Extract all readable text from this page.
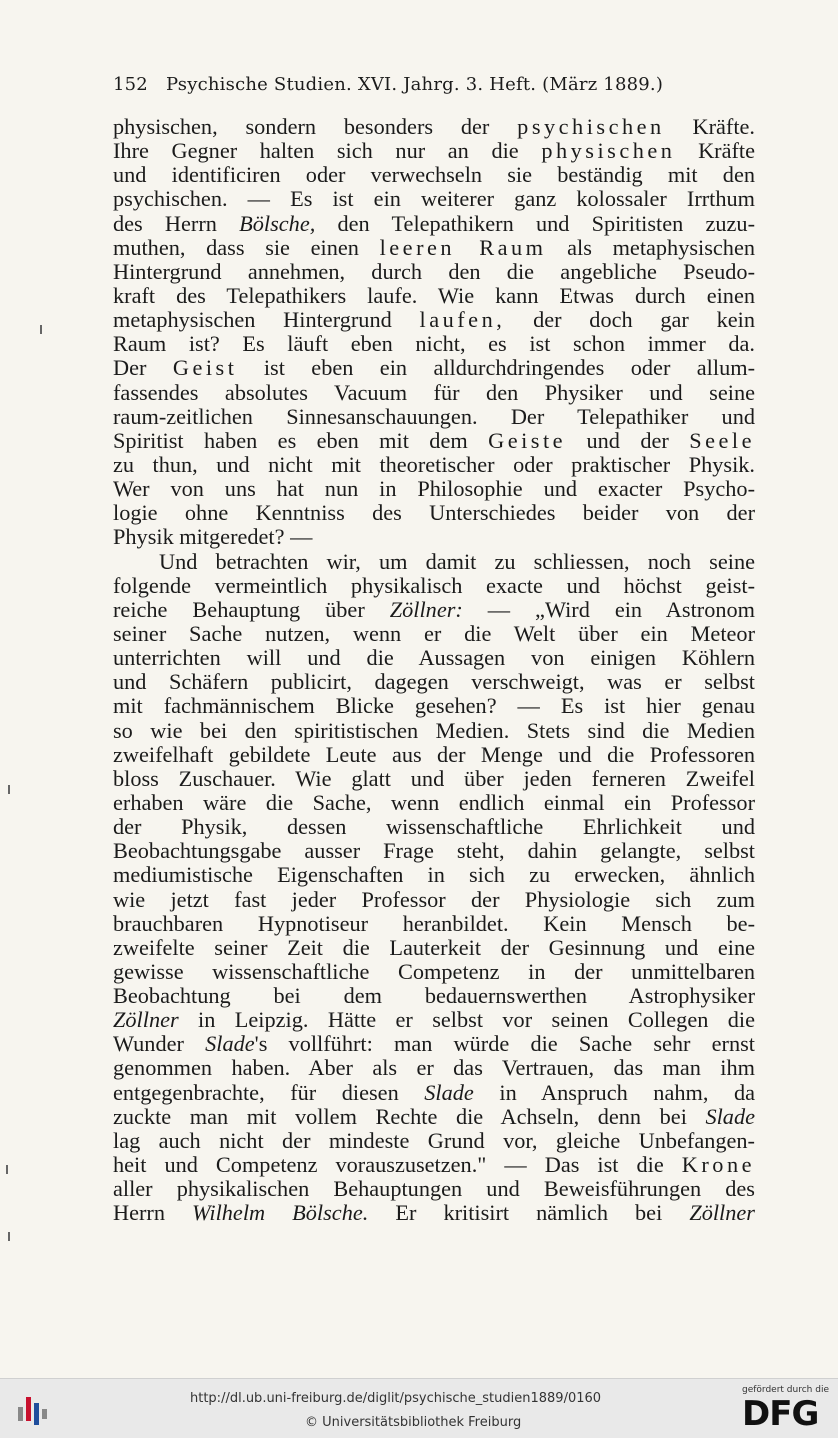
152 Psychische Studien. XVI. Jahrg. 3. Heft. (März 1889.)
physischen, sondern besonders der psychischen Kräfte.
Ihre Gegner halten sich nur an die physischen Kräfte
und identificiren oder verwechseln sie beständig mit den
psychischen. — Es ist ein weiterer ganz kolossaler Irrthum
des Herrn Bölsche, den Telepathikern und Spiritisten zuzu-
muthen, dass sie einen leeren Raum als metaphysischen
Hintergrund annehmen, durch den die angebliche Pseudo-
kraft des Telepathikers laufe. Wie kann Etwas durch einen
metaphysischen Hintergrund laufen, der doch gar kein
Raum ist? Es läuft eben nicht, es ist schon immer da.
Der Geist ist eben ein alldurchdringendes oder allum-
fassendes absolutes Vacuum für den Physiker und seine
raum-zeitlichen Sinnesanschauungen. Der Telepathiker und
Spiritist haben es eben mit dem Geiste und der Seele
zu thun, und nicht mit theoretischer oder praktischer Physik.
Wer von uns hat nun in Philosophie und exacter Psycho-
logie ohne Kenntniss des Unterschiedes beider von der
Physik mitgeredet? —
Und betrachten wir, um damit zu schliessen, noch seine
folgende vermeintlich physikalisch exacte und höchst geist-
reiche Behauptung über Zöllner: — „Wird ein Astronom
seiner Sache nutzen, wenn er die Welt über ein Meteor
unterrichten will und die Aussagen von einigen Köhlern
und Schäfern publicirt, dagegen verschweigt, was er selbst
mit fachmännischem Blicke gesehen? — Es ist hier genau
so wie bei den spiritistischen Medien. Stets sind die Medien
zweifelhaft gebildete Leute aus der Menge und die Professoren
bloss Zuschauer. Wie glatt und über jeden ferneren Zweifel
erhaben wäre die Sache, wenn endlich einmal ein Professor
der Physik, dessen wissenschaftliche Ehrlichkeit und
Beobachtungsgabe ausser Frage steht, dahin gelangte, selbst
mediumistische Eigenschaften in sich zu erwecken, ähnlich
wie jetzt fast jeder Professor der Physiologie sich zum
brauchbaren Hypnotiseur heranbildet. Kein Mensch be-
zweifelte seiner Zeit die Lauterkeit der Gesinnung und eine
gewisse wissenschaftliche Competenz in der unmittelbaren
Beobachtung bei dem bedauernswerthen Astrophysiker
Zöllner in Leipzig. Hätte er selbst vor seinen Collegen die
Wunder Slade's vollführt: man würde die Sache sehr ernst
genommen haben. Aber als er das Vertrauen, das man ihm
entgegenbrachte, für diesen Slade in Anspruch nahm, da
zuckte man mit vollem Rechte die Achseln, denn bei Slade
lag auch nicht der mindeste Grund vor, gleiche Unbefangen-
heit und Competenz vorauszusetzen." — Das ist die Krone
aller physikalischen Behauptungen und Beweisführungen des
Herrn Wilhelm Bölsche. Er kritisirt nämlich bei Zöllner
http://dl.ub.uni-freiburg.de/diglit/psychische_studien1889/0160
© Universitätsbibliothek Freiburg
gefördert durch die
DFG
